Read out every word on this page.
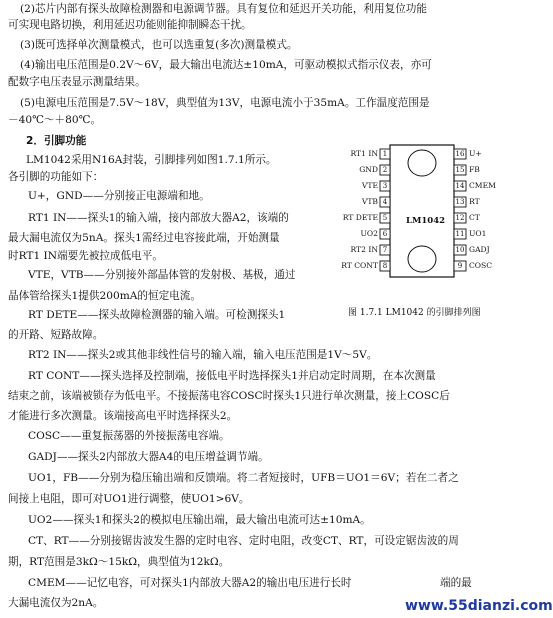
(2)芯片内部有探头故障检测器和电源调节器。具有复位和延迟开关功能，利用复位功能
可实现电路切换，利用延迟功能则能抑制瞬态干扰。
(3)既可选择单次测量模式，也可以选重复(多次)测量模式。
(4)输出电压范围是0.2V～6V，最大输出电流达±10mA，可驱动模拟式指示仪表，亦可
配数字电压表显示测量结果。
(5)电源电压范围是7.5V～18V，典型值为13V，电源电流小于35mA。工作温度范围是
－40℃～＋80℃。
2．引脚功能
LM1042采用N16A封装，引脚排列如图1.7.1所示。
各引脚的功能如下：
U+，GND——分别接正电源端和地。
RT1 IN——探头1的输入端，接内部放大器A2，该端的
最大漏电流仅为5nA。探头1需经过电容接此端，开始测量
时RT1 IN端要先被拉成低电平。
VTE，VTB——分别接外部晶体管的发射极、基极，通过
晶体管给探头1提供200mA的恒定电流。
RT DETE——探头故障检测器的输入端。可检测探头1
的开路、短路故障。
RT2 IN——探头2或其他非线性信号的输入端，输入电压范围是1V～5V。
RT CONT——探头选择及控制端，接低电平时选择探头1并启动定时周期，在本次测量
结束之前，该端被锁存为低电平。不接振荡电容COSC时探头1只进行单次测量，接上COSC后
才能进行多次测量。该端接高电平时选择探头2。
COSC——重复振荡器的外接振荡电容端。
GADJ——探头2内部放大器A4的电压增益调节端。
UO1，FB——分别为稳压输出端和反馈端。将二者短接时，UFB＝UO1＝6V；若在二者之
间接上电阻，即可对UO1进行调整，使UO1>6V。
UO2——探头1和探头2的模拟电压输出端，最大输出电流可达±10mA。
CT、RT——分别接锯齿波发生器的定时电容、定时电阻，改变CT、RT，可设定锯齿波的周
期，RT范围是3kΩ～15kΩ，典型值为12kΩ。
CMEM——记忆电容，可对探头1内部放大器A2的输出电压进行长时	端的最
大漏电流仅为2nA。
LM1042
RT1 IN
GND
VTE
VTB
RT DETE
UO2
RT2 IN
RT CONT
1
2
3
4
5
6
7
8
16
15
14
13
12
11
10
9
U+
FB
CMEM
RT
CT
UO1
GADJ
COSC
图 1.7.1 LM1042 的引脚排列图
www.55dianzi.com
